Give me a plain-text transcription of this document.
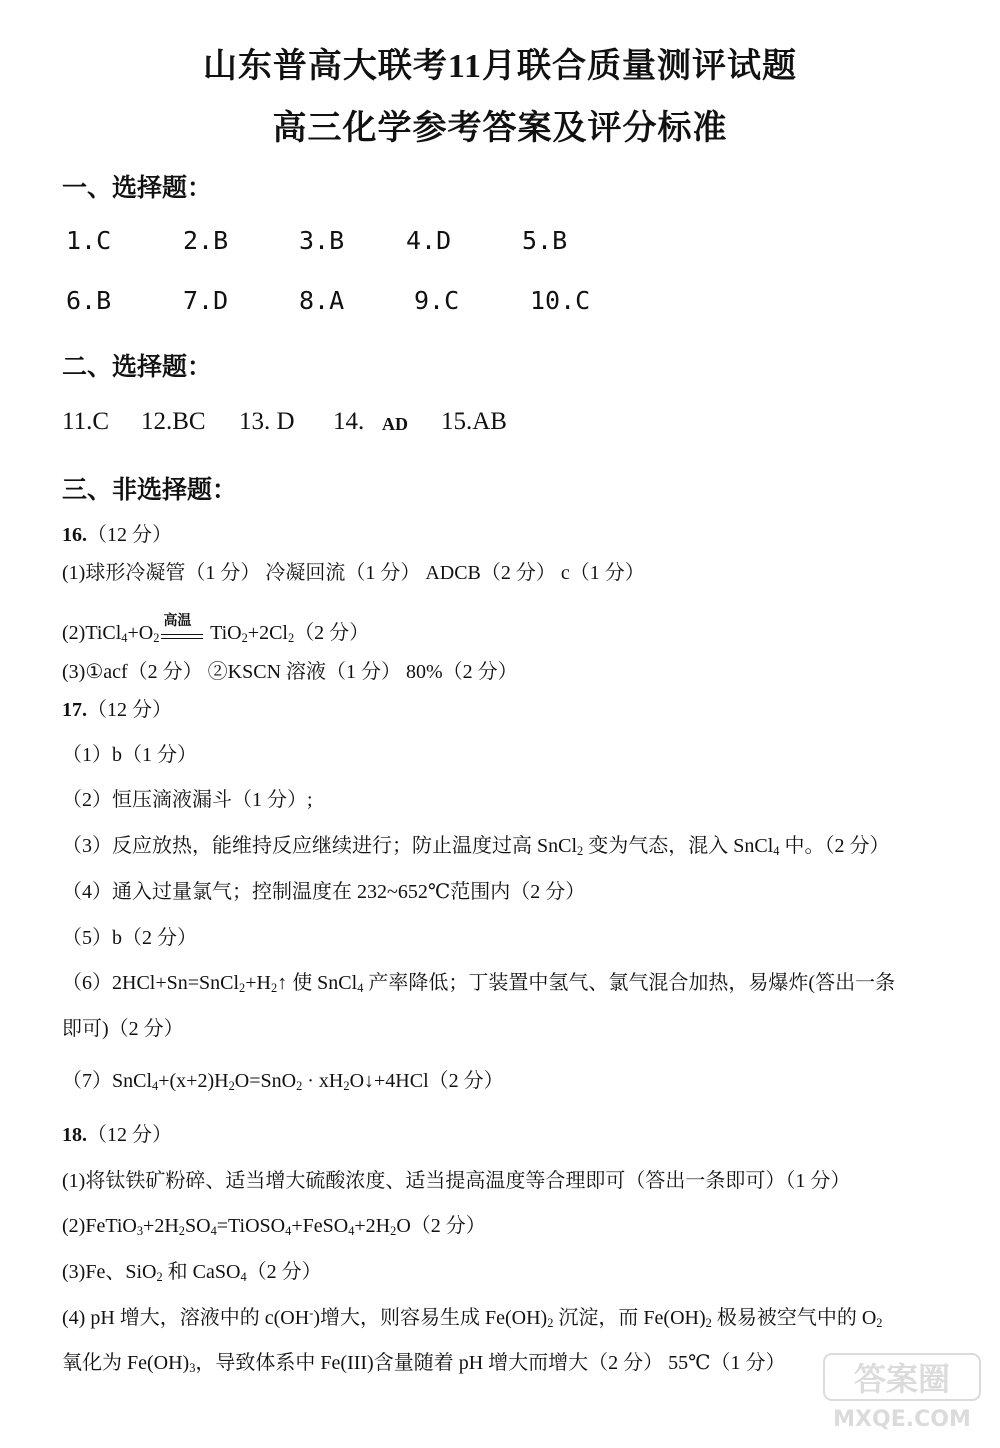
山东普高大联考11月联合质量测评试题
高三化学参考答案及评分标准
一、选择题：
1.C	2.B	3.B 4.D	5.B
6.B	7.D	8.A	9.C	10.C
二、选择题：
11.C 12.BC 13. D 14. AD 15.AB
三、非选择题：
16.（12 分）
(1)球形冷凝管（1 分） 冷凝回流（1 分） ADCB（2 分） c（1 分）
$(2)TiCl_4+O_2$
高温
$TiO_2+2Cl_2(2$ 分）
(3)①acf（2 分） ②KSCN 溶液（1 分） 80%（2 分）
17.（12 分）
（1）b（1 分）
（2）恒压滴液漏斗（1 分）;
（3）反应放热，能维持反应继续进行；防止温度过高 SnCl$_2$ 变为气态，混入 SnCl$_4$ 中。（2 分）
（4）通入过量氯气；控制温度在 232~652℃范围内（2 分）
（5）b（2 分）
$(6)2HCl+Sn=SnCl_2+H_2↑$ 使 SnCl$_4$ 产率降低；丁装置中氢气、氯气混合加热，易爆炸(答出一条
即可)（2 分）
$(7)SnCl_4+(x+2)H_2O=SnO_2$ · $xH_2O↓+4HCl(2$ 分）
18.（12 分）
(1)将钛铁矿粉碎、适当增大硫酸浓度、适当提高温度等合理即可（答出一条即可）（1 分）
$(2)FeTiO_3+2H_2SO_4=TiOSO_4+FeSO_4+2H_2O(2$ 分）
(3)Fe、SiO$_2$ 和 CaSO$_4$（2 分）
(4) pH 增大，溶液中的 c(OH-)增大，则容易生成 $Fe(OH)_2$ 沉淀，而 $Fe(OH)_2$ 极易被空气中的 $O_2$
氧化为 $Fe(OH)_3$，导致体系中 Fe(III)含量随着 pH 增大而增大（2 分） 55℃（1 分） 答案圈
MXQE.COM
